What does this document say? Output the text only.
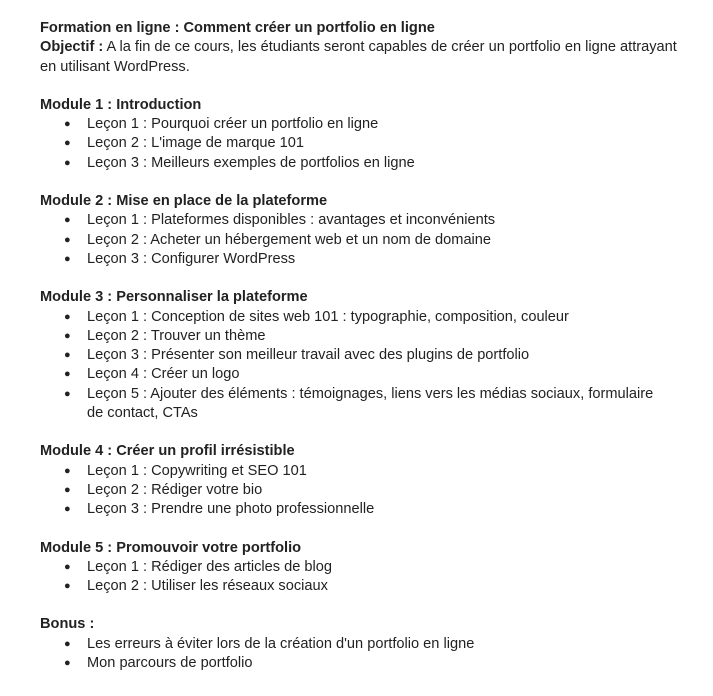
Formation en ligne : Comment créer un portfolio en ligne

Objectif : A la fin de ce cours, les étudiants seront capables de créer un portfolio en ligne attrayant en utilisant WordPress.

Module 1 : Introduction

● Leçon 1 : Pourquoi créer un portfolio en ligne
● Leçon 2 : L'image de marque 101
● Leçon 3 : Meilleurs exemples de portfolios en ligne

Module 2 : Mise en place de la plateforme

● Leçon 1 : Plateformes disponibles : avantages et inconvénients
● Leçon 2 : Acheter un hébergement web et un nom de domaine
● Leçon 3 : Configurer WordPress

Module 3 : Personnaliser la plateforme

● Leçon 1 : Conception de sites web 101 : typographie, composition, couleur
● Leçon 2 : Trouver un thème
● Leçon 3 : Présenter son meilleur travail avec des plugins de portfolio
● Leçon 4 : Créer un logo
● Leçon 5 : Ajouter des éléments : témoignages, liens vers les médias sociaux, formulaire de contact, CTAs

Module 4 : Créer un profil irrésistible

● Leçon 1 : Copywriting et SEO 101
● Leçon 2 : Rédiger votre bio
● Leçon 3 : Prendre une photo professionnelle

Module 5 : Promouvoir votre portfolio

● Leçon 1 : Rédiger des articles de blog
● Leçon 2 : Utiliser les réseaux sociaux

Bonus :

● Les erreurs à éviter lors de la création d'un portfolio en ligne
● Mon parcours de portfolio
